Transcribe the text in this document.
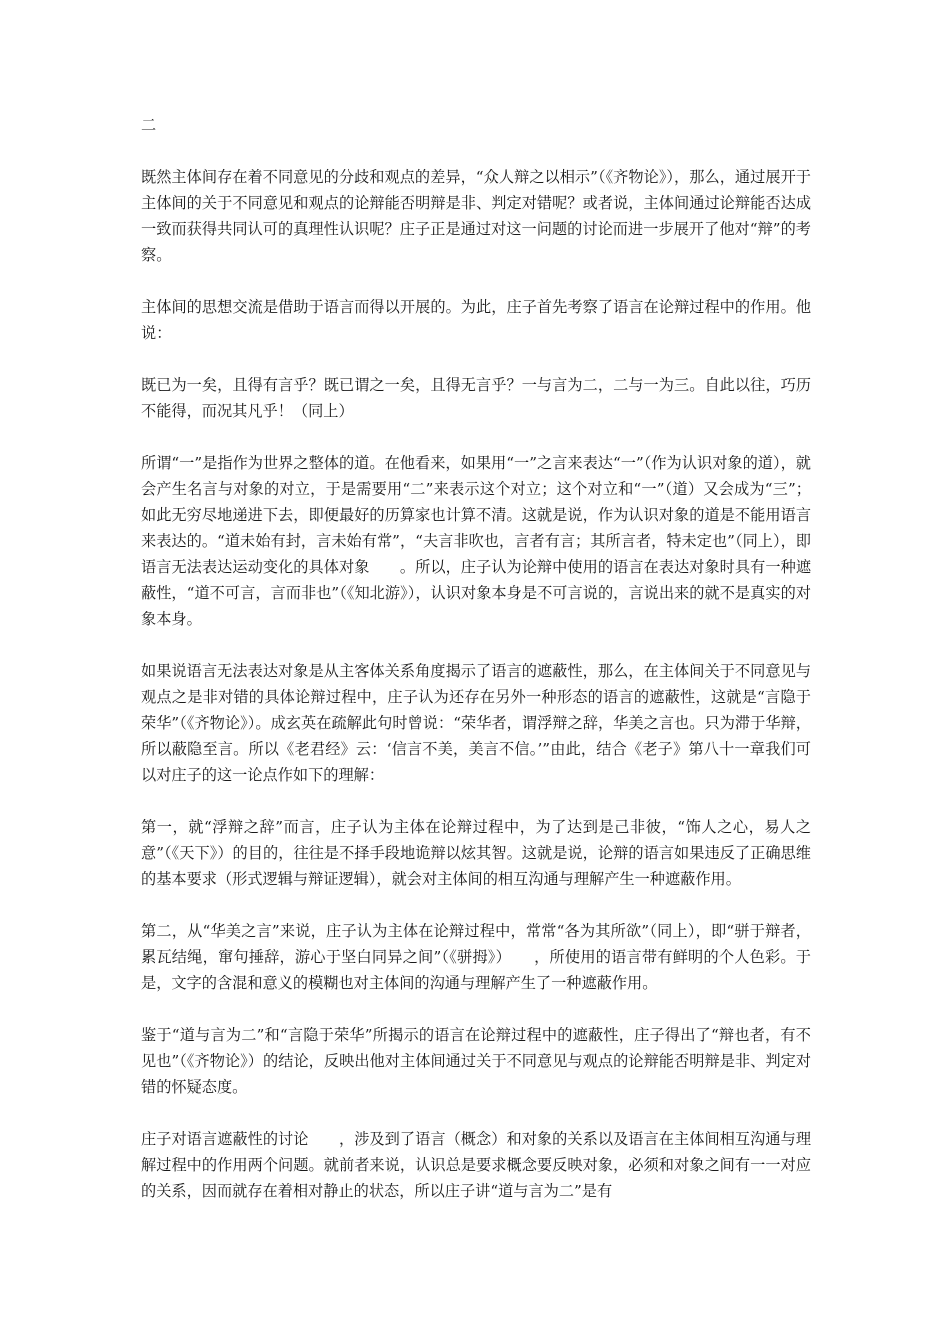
二

既然主体间存在着不同意见的分歧和观点的差异，“众人辩之以相示”（《齐物论》），那么，通过展开于主体间的关于不同意见和观点的论辩能否明辩是非、判定对错呢？或者说，主体间通过论辩能否达成一致而获得共同认可的真理性认识呢？庄子正是通过对这一问题的讨论而进一步展开了他对“辩”的考察。

主体间的思想交流是借助于语言而得以开展的。为此，庄子首先考察了语言在论辩过程中的作用。他说：

既已为一矣，且得有言乎？既已谓之一矣，且得无言乎？一与言为二，二与一为三。自此以往，巧历不能得，而况其凡乎！（同上）

所谓“一”是指作为世界之整体的道。在他看来，如果用“一”之言来表达“一”（作为认识对象的道），就会产生名言与对象的对立，于是需要用“二”来表示这个对立；这个对立和“一”（道）又会成为“三”；如此无穷尽地递进下去，即便最好的历算家也计算不清。这就是说，作为认识对象的道是不能用语言来表达的。“道未始有封，言未始有常”，“夫言非吹也，言者有言；其所言者，特未定也”（同上），即语言无法表达运动变化的具体对象　　。所以，庄子认为论辩中使用的语言在表达对象时具有一种遮蔽性，“道不可言，言而非也”（《知北游》），认识对象本身是不可言说的，言说出来的就不是真实的对象本身。

如果说语言无法表达对象是从主客体关系角度揭示了语言的遮蔽性，那么，在主体间关于不同意见与观点之是非对错的具体论辩过程中，庄子认为还存在另外一种形态的语言的遮蔽性，这就是“言隐于荣华”（《齐物论》）。成玄英在疏解此句时曾说：“荣华者，谓浮辩之辞，华美之言也。只为滞于华辩，所以蔽隐至言。所以《老君经》云：‘信言不美，美言不信。’”由此，结合《老子》第八十一章我们可以对庄子的这一论点作如下的理解：

第一，就“浮辩之辞”而言，庄子认为主体在论辩过程中，为了达到是己非彼，“饰人之心，易人之意”（《天下》）的目的，往往是不择手段地诡辩以炫其智。这就是说，论辩的语言如果违反了正确思维的基本要求（形式逻辑与辩证逻辑），就会对主体间的相互沟通与理解产生一种遮蔽作用。

第二，从“华美之言”来说，庄子认为主体在论辩过程中，常常“各为其所欲”（同上），即“骈于辩者，累瓦结绳，窜句捶辞，游心于坚白同异之间”（《骈拇》）　　，所使用的语言带有鲜明的个人色彩。于是，文字的含混和意义的模糊也对主体间的沟通与理解产生了一种遮蔽作用。

鉴于“道与言为二”和“言隐于荣华”所揭示的语言在论辩过程中的遮蔽性，庄子得出了“辩也者，有不见也”（《齐物论》）的结论，反映出他对主体间通过关于不同意见与观点的论辩能否明辩是非、判定对错的怀疑态度。

庄子对语言遮蔽性的讨论　　，涉及到了语言（概念）和对象的关系以及语言在主体间相互沟通与理解过程中的作用两个问题。就前者来说，认识总是要求概念要反映对象，必须和对象之间有一一对应的关系，因而就存在着相对静止的状态，所以庄子讲“道与言为二”是有
